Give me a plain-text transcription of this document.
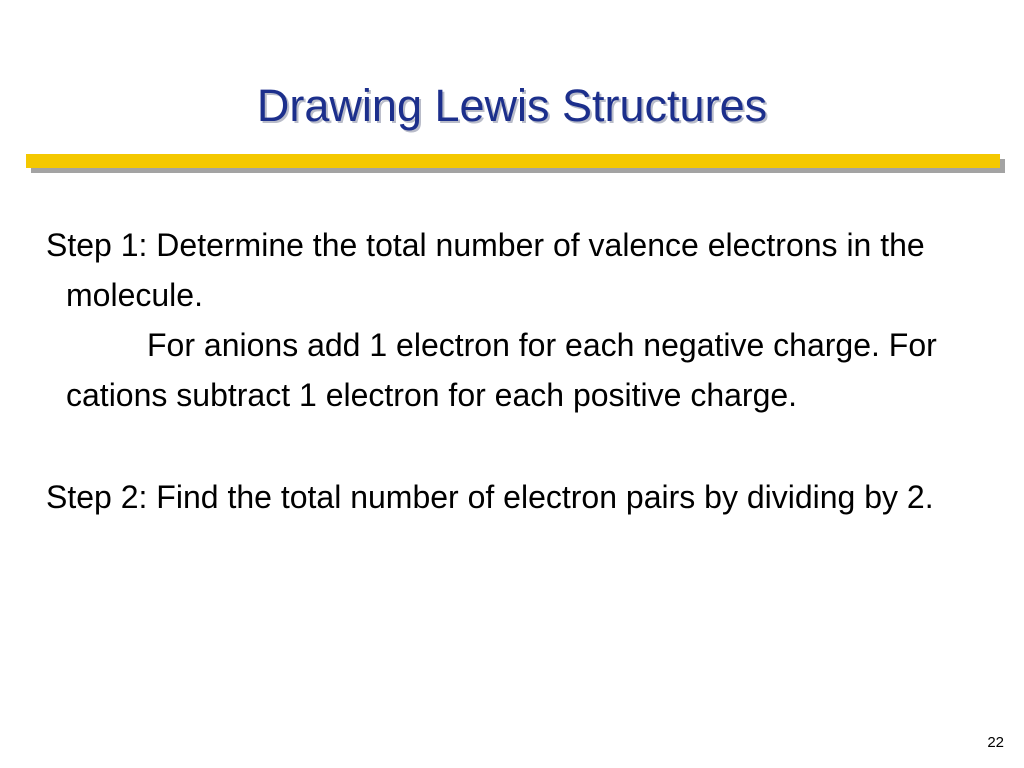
Drawing Lewis Structures

Step 1: Determine the total number of valence electrons in the molecule.

For anions add 1 electron for each negative charge. For cations subtract 1 electron for each positive charge.

Step 2: Find the total number of electron pairs by dividing by 2.

22
